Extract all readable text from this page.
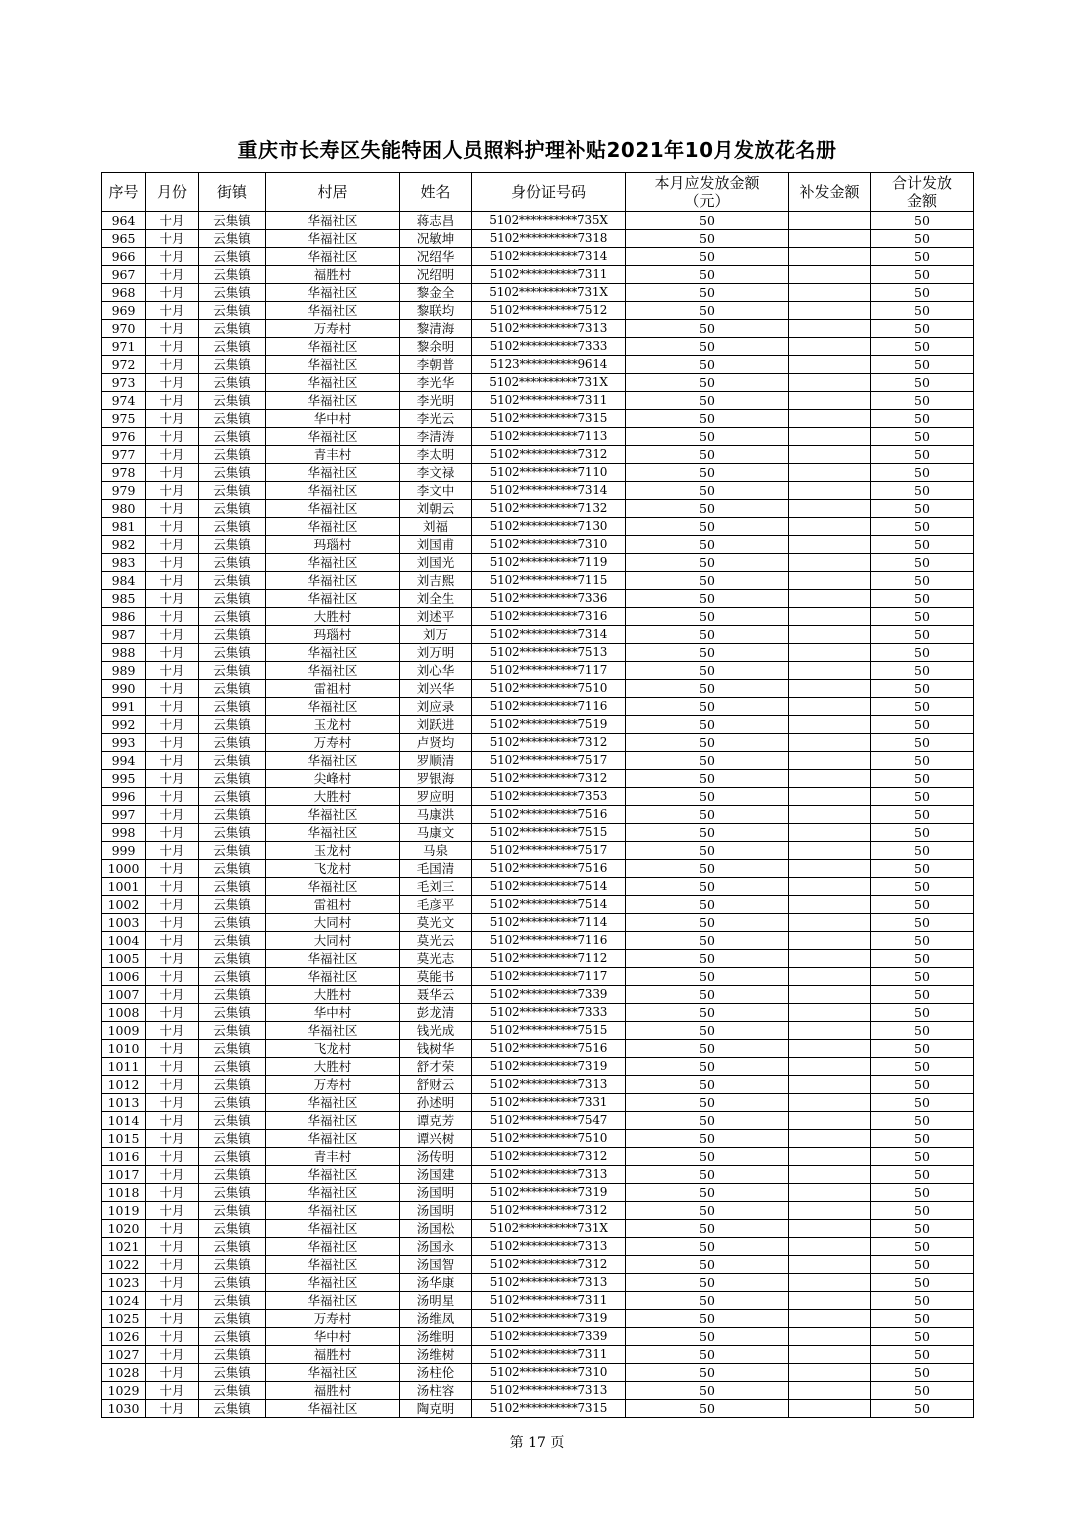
重庆市长寿区失能特困人员照料护理补贴2021年10月发放花名册
序号	月份	街镇	村居	姓名	身份证号码	本月应发放金额（元）	补发金额	合计发放金额
964	十月	云集镇	华福社区	蒋志昌	5102**********735X	50		50
965	十月	云集镇	华福社区	况敏坤	5102**********7318	50		50
966	十月	云集镇	华福社区	况绍华	5102**********7314	50		50
967	十月	云集镇	福胜村	况绍明	5102**********7311	50		50
968	十月	云集镇	华福社区	黎金全	5102**********731X	50		50
969	十月	云集镇	华福社区	黎联均	5102**********7512	50		50
970	十月	云集镇	万寿村	黎清海	5102**********7313	50		50
971	十月	云集镇	华福社区	黎余明	5102**********7333	50		50
972	十月	云集镇	华福社区	李朝普	5123**********9614	50		50
973	十月	云集镇	华福社区	李光华	5102**********731X	50		50
974	十月	云集镇	华福社区	李光明	5102**********7311	50		50
975	十月	云集镇	华中村	李光云	5102**********7315	50		50
976	十月	云集镇	华福社区	李清涛	5102**********7113	50		50
977	十月	云集镇	青丰村	李太明	5102**********7312	50		50
978	十月	云集镇	华福社区	李文禄	5102**********7110	50		50
979	十月	云集镇	华福社区	李文中	5102**********7314	50		50
980	十月	云集镇	华福社区	刘朝云	5102**********7132	50		50
981	十月	云集镇	华福社区	刘福	5102**********7130	50		50
982	十月	云集镇	玛瑙村	刘国甫	5102**********7310	50		50
983	十月	云集镇	华福社区	刘国光	5102**********7119	50		50
984	十月	云集镇	华福社区	刘吉熙	5102**********7115	50		50
985	十月	云集镇	华福社区	刘全生	5102**********7336	50		50
986	十月	云集镇	大胜村	刘述平	5102**********7316	50		50
987	十月	云集镇	玛瑙村	刘万	5102**********7314	50		50
988	十月	云集镇	华福社区	刘万明	5102**********7513	50		50
989	十月	云集镇	华福社区	刘心华	5102**********7117	50		50
990	十月	云集镇	雷祖村	刘兴华	5102**********7510	50		50
991	十月	云集镇	华福社区	刘应录	5102**********7116	50		50
992	十月	云集镇	玉龙村	刘跃进	5102**********7519	50		50
993	十月	云集镇	万寿村	卢贤均	5102**********7312	50		50
994	十月	云集镇	华福社区	罗顺清	5102**********7517	50		50
995	十月	云集镇	尖峰村	罗银海	5102**********7312	50		50
996	十月	云集镇	大胜村	罗应明	5102**********7353	50		50
997	十月	云集镇	华福社区	马康洪	5102**********7516	50		50
998	十月	云集镇	华福社区	马康文	5102**********7515	50		50
999	十月	云集镇	玉龙村	马泉	5102**********7517	50		50
1000	十月	云集镇	飞龙村	毛国清	5102**********7516	50		50
1001	十月	云集镇	华福社区	毛刘三	5102**********7514	50		50
1002	十月	云集镇	雷祖村	毛彦平	5102**********7514	50		50
1003	十月	云集镇	大同村	莫光文	5102**********7114	50		50
1004	十月	云集镇	大同村	莫光云	5102**********7116	50		50
1005	十月	云集镇	华福社区	莫光志	5102**********7112	50		50
1006	十月	云集镇	华福社区	莫能书	5102**********7117	50		50
1007	十月	云集镇	大胜村	聂华云	5102**********7339	50		50
1008	十月	云集镇	华中村	彭龙清	5102**********7333	50		50
1009	十月	云集镇	华福社区	钱光成	5102**********7515	50		50
1010	十月	云集镇	飞龙村	钱树华	5102**********7516	50		50
1011	十月	云集镇	大胜村	舒才荣	5102**********7319	50		50
1012	十月	云集镇	万寿村	舒财云	5102**********7313	50		50
1013	十月	云集镇	华福社区	孙述明	5102**********7331	50		50
1014	十月	云集镇	华福社区	谭克芳	5102**********7547	50		50
1015	十月	云集镇	华福社区	谭兴树	5102**********7510	50		50
1016	十月	云集镇	青丰村	汤传明	5102**********7312	50		50
1017	十月	云集镇	华福社区	汤国建	5102**********7313	50		50
1018	十月	云集镇	华福社区	汤国明	5102**********7319	50		50
1019	十月	云集镇	华福社区	汤国明	5102**********7312	50		50
1020	十月	云集镇	华福社区	汤国松	5102**********731X	50		50
1021	十月	云集镇	华福社区	汤国永	5102**********7313	50		50
1022	十月	云集镇	华福社区	汤国智	5102**********7312	50		50
1023	十月	云集镇	华福社区	汤华康	5102**********7313	50		50
1024	十月	云集镇	华福社区	汤明星	5102**********7311	50		50
1025	十月	云集镇	万寿村	汤维凤	5102**********7319	50		50
1026	十月	云集镇	华中村	汤维明	5102**********7339	50		50
1027	十月	云集镇	福胜村	汤维树	5102**********7311	50		50
1028	十月	云集镇	华福社区	汤柱伦	5102**********7310	50		50
1029	十月	云集镇	福胜村	汤柱容	5102**********7313	50		50
1030	十月	云集镇	华福社区	陶克明	5102**********7315	50		50
第 17 页
